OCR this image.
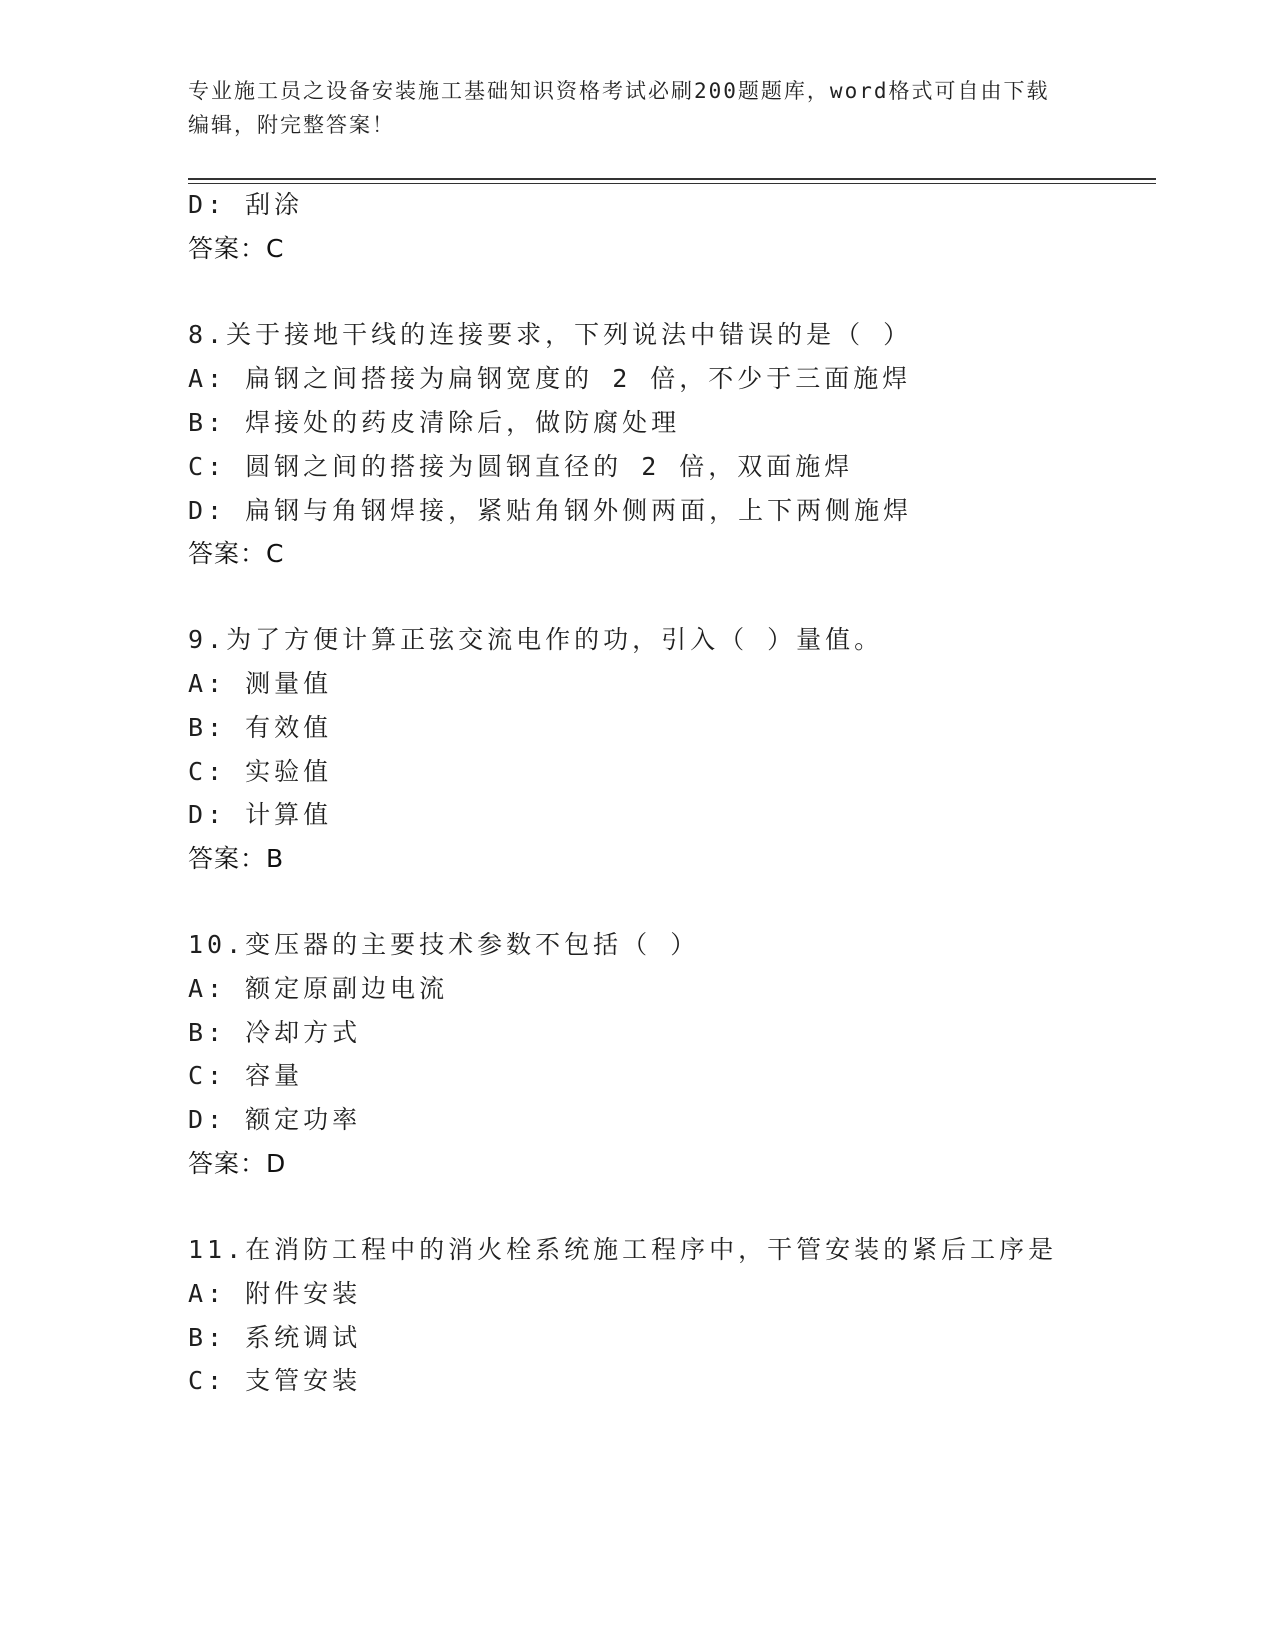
专业施工员之设备安装施工基础知识资格考试必刷200题题库，word格式可自由下载编辑，附完整答案！
D: 刮涂
答案：C
8.关于接地干线的连接要求，下列说法中错误的是（ ）
A: 扁钢之间搭接为扁钢宽度的 2 倍，不少于三面施焊
B: 焊接处的药皮清除后，做防腐处理
C: 圆钢之间的搭接为圆钢直径的 2 倍，双面施焊
D: 扁钢与角钢焊接，紧贴角钢外侧两面，上下两侧施焊
答案：C
9.为了方便计算正弦交流电作的功，引入（ ）量值。
A: 测量值
B: 有效值
C: 实验值
D: 计算值
答案：B
10.变压器的主要技术参数不包括（ ）
A: 额定原副边电流
B: 冷却方式
C: 容量
D: 额定功率
答案：D
11.在消防工程中的消火栓系统施工程序中，干管安装的紧后工序是
A: 附件安装
B: 系统调试
C: 支管安装
